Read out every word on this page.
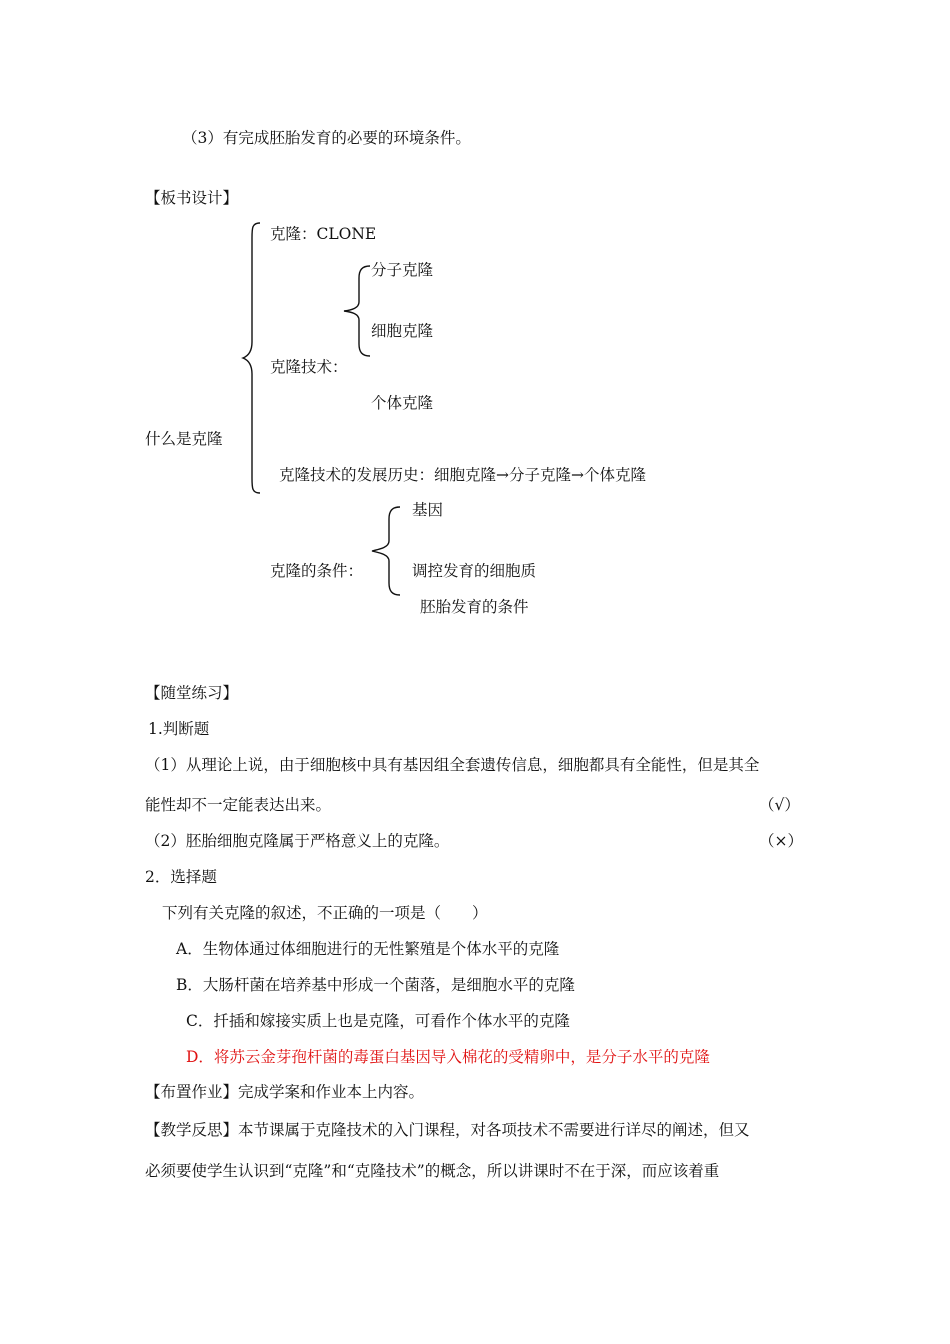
（3）有完成胚胎发育的必要的环境条件。
【板书设计】
什么是克隆
克隆：CLONE
分子克隆
细胞克隆
克隆技术：
个体克隆
克隆技术的发展历史：细胞克隆→分子克隆→个体克隆
基因
克隆的条件：	调控发育的细胞质
胚胎发育的条件
【随堂练习】
1.判断题
（1）从理论上说，由于细胞核中具有基因组全套遗传信息，细胞都具有全能性，但是其全
能性却不一定能表达出来。	（√）
（2）胚胎细胞克隆属于严格意义上的克隆。	（×）
2．选择题
下列有关克隆的叙述，不正确的一项是（　　）
A．生物体通过体细胞进行的无性繁殖是个体水平的克隆
B．大肠杆菌在培养基中形成一个菌落，是细胞水平的克隆
C．扦插和嫁接实质上也是克隆，可看作个体水平的克隆
D．将苏云金芽孢杆菌的毒蛋白基因导入棉花的受精卵中，是分子水平的克隆
【布置作业】完成学案和作业本上内容。
【教学反思】本节课属于克隆技术的入门课程，对各项技术不需要进行详尽的阐述，但又
必须要使学生认识到“克隆”和“克隆技术”的概念，所以讲课时不在于深，而应该着重
